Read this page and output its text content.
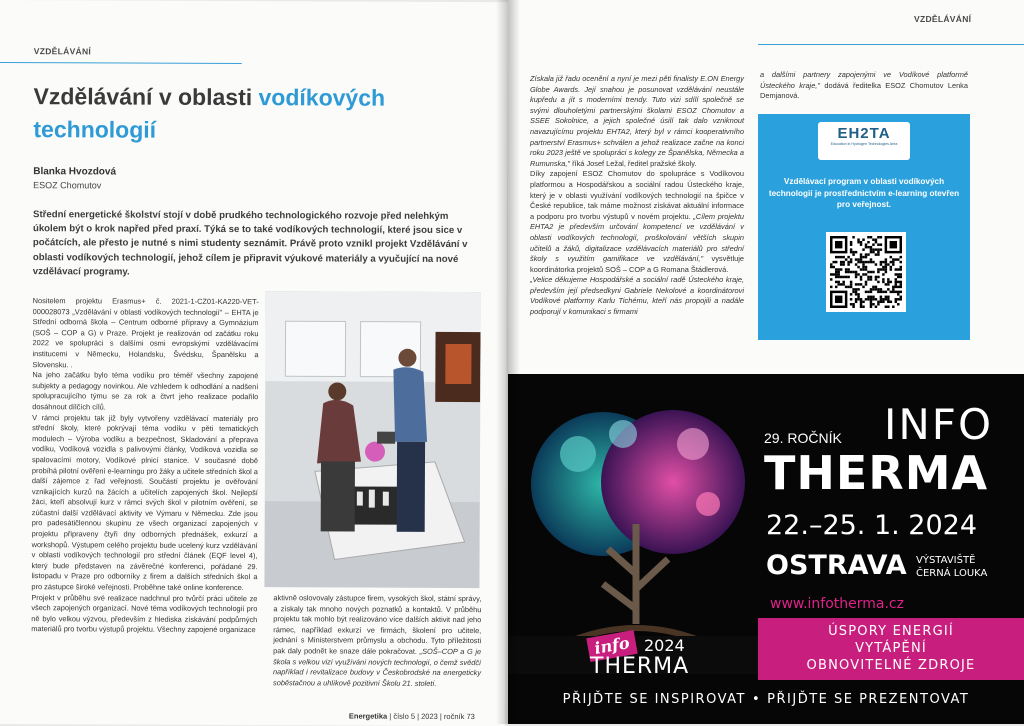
VZDĚLÁVÁNÍ
Vzdělávání v oblasti vodíkových
technologií
Blanka Hvozdová
ESOZ Chomutov
Střední energetické školství stojí v době prudkého technologického rozvoje před nelehkým úkolem být o krok napřed před praxí. Týká se to také vodíkových technologií, které jsou sice v počátcích, ale přesto je nutné s nimi studenty seznámit. Právě proto vznikl projekt Vzdělávání v oblasti vodíkových technologií, jehož cílem je připravit výukové materiály a vyučující na nové vzdělávací programy.

Nositelem projektu Erasmus+ č. 2021-1-CZ01-KA220-VET-000028073 „Vzdělávání v oblasti vodíkových technologií" – EHTA je Střední odborná škola – Centrum odborné přípravy a Gymnázium (SOŠ – COP a G) v Praze. Projekt je realizován od začátku roku 2022 ve spolupráci s dalšími osmi evropskými vzdělávacími institucemi v Německu, Holandsku, Švédsku, Španělsku a Slovensku. .

Na jeho začátku bylo téma vodíku pro téměř všechny zapojené subjekty a pedagogy novinkou. Ale vzhledem k odhodlání a nadšení spolupracujícího týmu se za rok a čtvrt jeho realizace podařilo dosáhnout dílčích cílů.

V rámci projektu tak již byly vytvořeny vzdělávací materiály pro střední školy, které pokrývají téma vodíku v pěti tematických modulech – Výroba vodíku a bezpečnost, Skladování a přeprava vodíku, Vodíková vozidla s palivovými články, Vodíková vozidla se spalovacími motory, Vodíkové plnicí stanice. V současné době probíhá pilotní ověření e-learningu pro žáky a učitele středních škol a další zájemce z řad veřejnosti. Součástí projektu je ověřování vznikajících kurzů na žácích a učitelích zapojených škol. Nejlepší žáci, kteří absolvují kurz v rámci svých škol v pilotním ověření, se zúčastní další vzdělávací aktivity ve Výmaru v Německu. Zde jsou pro padesátičlennou skupinu ze všech organizací zapojených v projektu připraveny čtyři dny odborných přednášek, exkurzí a workshopů. Výstupem celého projektu bude ucelený kurz vzdělávání v oblasti vodíkových technologií pro střední článek (EQF level 4), který bude představen na závěrečné konferenci, pořádané 29. listopadu v Praze pro odborníky z firem a dalších středních škol a pro zástupce široké veřejnosti. Proběhne také online konference.

Projekt v průběhu své realizace nadchnul pro tvůrčí práci učitele ze všech zapojených organizací. Nové téma vodíkových technologií pro ně bylo velkou výzvou, především z hlediska získávání podpůrných materiálů pro tvorbu výstupů projektu. Všechny zapojené organizace

aktivně oslovovaly zástupce firem, vysokých škol, státní správy, a získaly tak mnoho nových poznatků a kontaktů. V průběhu projektu tak mohlo být realizováno více dalších aktivit nad jeho rámec, například exkurzí ve firmách, školení pro učitele, jednání s Ministerstvem průmyslu a obchodu. Tyto příležitosti pak daly podnět ke snaze dále pokračovat. „SOŠ–COP a G je škola s velkou vizí využívání nových technologií, o čemž svědčí například i revitalizace budovy v Českobrodské na energeticky soběstačnou a uhlíkově pozitivní Školu 21. století.
Energetika | číslo 5 | 2023 | ročník 73
VZDĚLÁVÁNÍ
Získala již řadu ocenění a nyní je mezi pěti finalisty E.ON Energy Globe Awards. Její snahou je posunovat vzdělávání neustále kupředu a jít s moderními trendy. Tuto vizi sdílí společně se svými dlouholetými partnerskými školami ESOZ Chomutov a SSEE Sokolnice, a jejich společné úsilí tak dalo vzniknout navazujícímu projektu EHTA2, který byl v rámci kooperativního partnerství Erasmus+ schválen a jehož realizace začne na konci roku 2023 ještě ve spolupráci s kolegy ze Španělska, Německa a Rumunska," říká Josef Ležal, ředitel pražské školy.
Díky zapojení ESOZ Chomutov do spolupráce s Vodíkovou platformou a Hospodářskou a sociální radou Ústeckého kraje, který je v oblasti využívání vodíkových technologií na špičce v České republice, tak máme možnost získávat aktuální informace a podporu pro tvorbu výstupů v novém projektu. „Cílem projektu EHTA2 je především určování kompetencí ve vzdělávání v oblasti vodíkových technologií, proškolování větších skupin učitelů a žáků, digitalizace vzdělávacích materiálů pro střední školy s využitím gamifikace ve vzdělávání," vysvětluje koordinátorka projektů SOŠ – COP a G Romana Štádlerová.
„Velice děkujeme Hospodářské a sociální radě Ústeckého kraje, především její předsedkyni Gabriele Nekolové a koordinátorovi Vodíkové platformy Karlu Tichému, kteří nás propojili a nadále podporují v komunikaci s firmami
a dalšími partnery zapojenými ve Vodíkové platformě Ústeckého kraje," dodává ředitelka ESOZ Chomutov Lenka Demjanová.
EH2TA
Education in Hydrogen Technologies Area
Vzdělávací program v oblasti vodíkových technologií je prostřednictvím e-learning otevřen pro veřejnost.
29. ROČNÍK INFO
THERMA
22.–25. 1. 2024
OSTRAVA VÝSTAVIŠTĚ
ČERNÁ LOUKA
www.infotherma.cz
ÚSPORY ENERGIÍ
VYTÁPĚNÍ
OBNOVITELNÉ ZDROJE
info 2024
THERMA
PŘIJĎTE SE INSPIROVAT • PŘIJĎTE SE PREZENTOVAT
